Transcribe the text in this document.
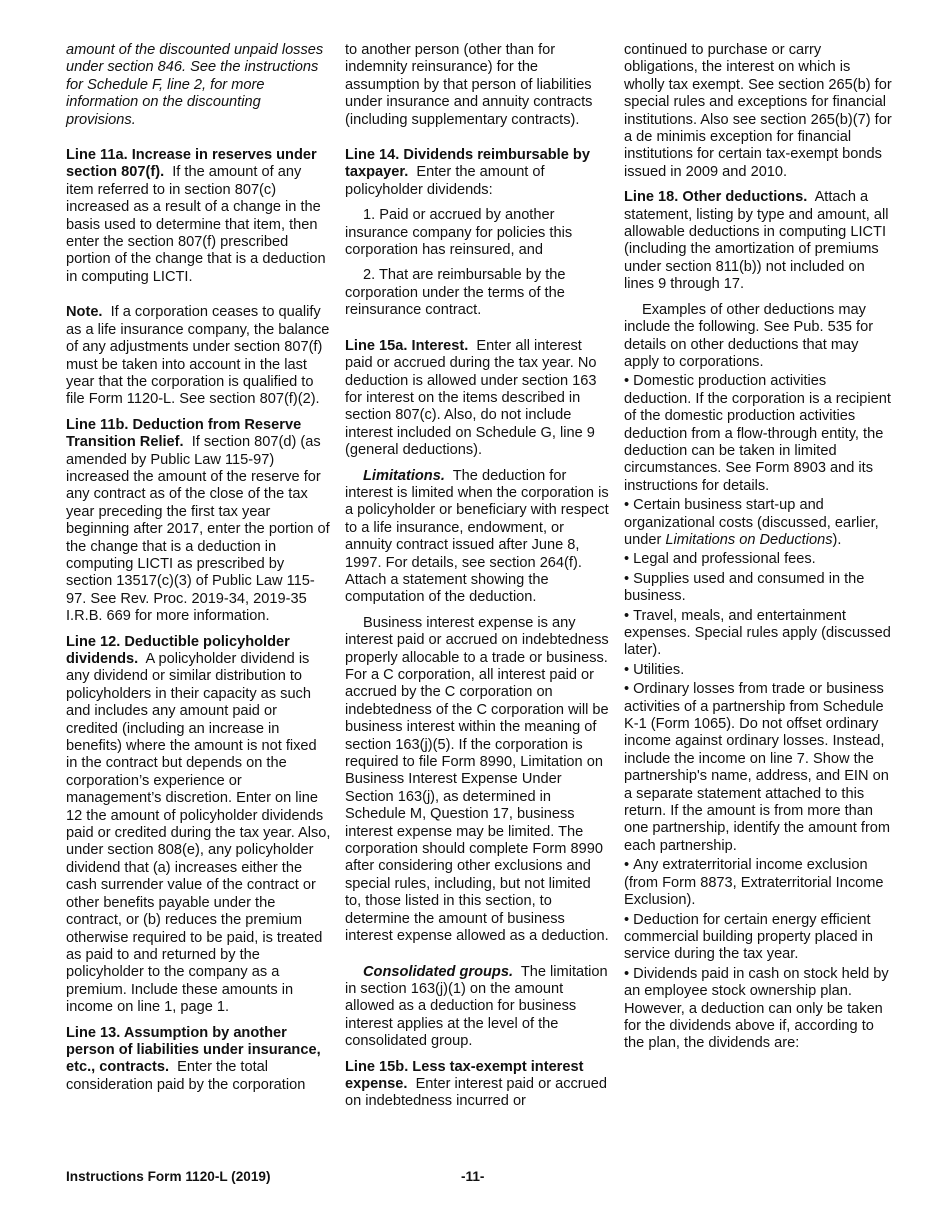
amount of the discounted unpaid losses under section 846. See the instructions for Schedule F, line 2, for more information on the discounting provisions.

Line 11a. Increase in reserves under section 807(f). If the amount of any item referred to in section 807(c) increased as a result of a change in the basis used to determine that item, then enter the section 807(f) prescribed portion of the change that is a deduction in computing LICTI.

Note. If a corporation ceases to qualify as a life insurance company, the balance of any adjustments under section 807(f) must be taken into account in the last year that the corporation is qualified to file Form 1120-L. See section 807(f)(2).

Line 11b. Deduction from Reserve Transition Relief. If section 807(d) (as amended by Public Law 115-97) increased the amount of the reserve for any contract as of the close of the tax year preceding the first tax year beginning after 2017, enter the portion of the change that is a deduction in computing LICTI as prescribed by section 13517(c)(3) of Public Law 115-97. See Rev. Proc. 2019-34, 2019-35 I.R.B. 669 for more information.

Line 12. Deductible policyholder dividends. A policyholder dividend is any dividend or similar distribution to policyholders in their capacity as such and includes any amount paid or credited (including an increase in benefits) where the amount is not fixed in the contract but depends on the corporation’s experience or management’s discretion. Enter on line 12 the amount of policyholder dividends paid or credited during the tax year. Also, under section 808(e), any policyholder dividend that (a) increases either the cash surrender value of the contract or other benefits payable under the contract, or (b) reduces the premium otherwise required to be paid, is treated as paid to and returned by the policyholder to the company as a premium. Include these amounts in income on line 1, page 1.

Line 13. Assumption by another person of liabilities under insurance, etc., contracts. Enter the total consideration paid by the corporation

to another person (other than for indemnity reinsurance) for the assumption by that person of liabilities under insurance and annuity contracts (including supplementary contracts).

Line 14. Dividends reimbursable by taxpayer. Enter the amount of policyholder dividends:

1. Paid or accrued by another insurance company for policies this corporation has reinsured, and

2. That are reimbursable by the corporation under the terms of the reinsurance contract.

Line 15a. Interest. Enter all interest paid or accrued during the tax year. No deduction is allowed under section 163 for interest on the items described in section 807(c). Also, do not include interest included on Schedule G, line 9 (general deductions).

Limitations. The deduction for interest is limited when the corporation is a policyholder or beneficiary with respect to a life insurance, endowment, or annuity contract issued after June 8, 1997. For details, see section 264(f). Attach a statement showing the computation of the deduction.

Business interest expense is any interest paid or accrued on indebtedness properly allocable to a trade or business. For a C corporation, all interest paid or accrued by the C corporation on indebtedness of the C corporation will be business interest within the meaning of section 163(j)(5). If the corporation is required to file Form 8990, Limitation on Business Interest Expense Under Section 163(j), as determined in Schedule M, Question 17, business interest expense may be limited. The corporation should complete Form 8990 after considering other exclusions and special rules, including, but not limited to, those listed in this section, to determine the amount of business interest expense allowed as a deduction.

Consolidated groups. The limitation in section 163(j)(1) on the amount allowed as a deduction for business interest applies at the level of the consolidated group.

Line 15b. Less tax-exempt interest expense. Enter interest paid or accrued on indebtedness incurred or

continued to purchase or carry obligations, the interest on which is wholly tax exempt. See section 265(b) for special rules and exceptions for financial institutions. Also see section 265(b)(7) for a de minimis exception for financial institutions for certain tax-exempt bonds issued in 2009 and 2010.

Line 18. Other deductions. Attach a statement, listing by type and amount, all allowable deductions in computing LICTI (including the amortization of premiums under section 811(b)) not included on lines 9 through 17.

Examples of other deductions may include the following. See Pub. 535 for details on other deductions that may apply to corporations.

• Domestic production activities deduction. If the corporation is a recipient of the domestic production activities deduction from a flow-through entity, the deduction can be taken in limited circumstances. See Form 8903 and its instructions for details.

• Certain business start-up and organizational costs (discussed, earlier, under Limitations on Deductions).

• Legal and professional fees.

• Supplies used and consumed in the business.

• Travel, meals, and entertainment expenses. Special rules apply (discussed later).

• Utilities.

• Ordinary losses from trade or business activities of a partnership from Schedule K-1 (Form 1065). Do not offset ordinary income against ordinary losses. Instead, include the income on line 7. Show the partnership's name, address, and EIN on a separate statement attached to this return. If the amount is from more than one partnership, identify the amount from each partnership.

• Any extraterritorial income exclusion (from Form 8873, Extraterritorial Income Exclusion).

• Deduction for certain energy efficient commercial building property placed in service during the tax year.

• Dividends paid in cash on stock held by an employee stock ownership plan. However, a deduction can only be taken for the dividends above if, according to the plan, the dividends are:

Instructions Form 1120-L (2019)	-11-
